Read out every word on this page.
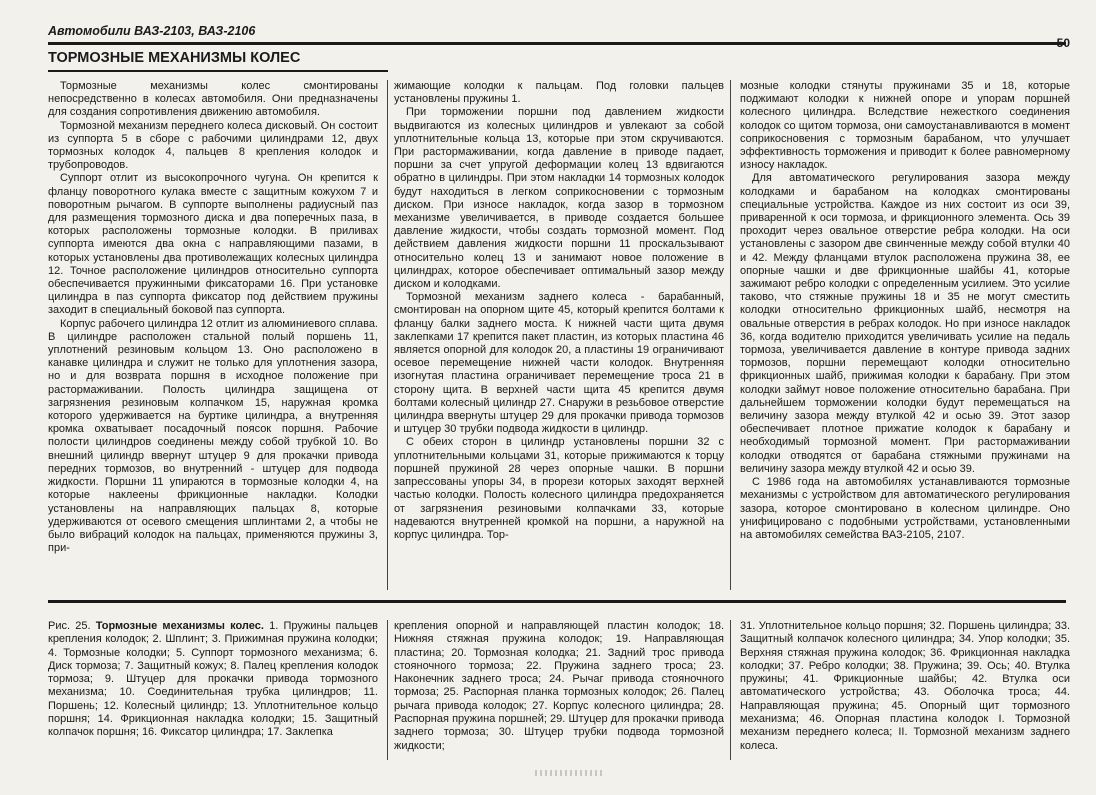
Автомобили ВАЗ-2103, ВАЗ-2106
50
ТОРМОЗНЫЕ МЕХАНИЗМЫ КОЛЕС

Тормозные механизмы колес смонтированы непосредственно в колесах автомобиля. Они предназначены для создания сопротивления движению автомобиля.

Тормозной механизм переднего колеса дисковый. Он состоит из суппорта 5 в сборе с рабочими цилиндрами 12, двух тормозных колодок 4, пальцев 8 крепления колодок и трубопроводов.

Суппорт отлит из высокопрочного чугуна. Он крепится к фланцу поворотного кулака вместе с защитным кожухом 7 и поворотным рычагом. В суппорте выполнены радиусный паз для размещения тормозного диска и два поперечных паза, в которых расположены тормозные колодки. В приливах суппорта имеются два окна с направляющими пазами, в которых установлены два противолежащих колесных цилиндра 12. Точное расположение цилиндров относительно суппорта обеспечивается пружинными фиксаторами 16. При установке цилиндра в паз суппорта фиксатор под действием пружины заходит в специальный боковой паз суппорта.

Корпус рабочего цилиндра 12 отлит из алюминиевого сплава. В цилиндре расположен стальной полый поршень 11, уплотнений резиновым кольцом 13. Оно расположено в канавке цилиндра и служит не только для уплотнения зазора, но и для возврата поршня в исходное положение при растормаживании. Полость цилиндра защищена от загрязнения резиновым колпачком 15, наружная кромка которого удерживается на буртике цилиндра, а внутренняя кромка охватывает посадочный поясок поршня. Рабочие полости цилиндров соединены между собой трубкой 10. Во внешний цилиндр ввернут штуцер 9 для прокачки привода передних тормозов, во внутренний - штуцер для подвода жидкости. Поршни 11 упираются в тормозные колодки 4, на которые наклеены фрикционные накладки. Колодки установлены на направляющих пальцах 8, которые удерживаются от осевого смещения шплинтами 2, а чтобы не было вибраций колодок на пальцах, применяются пружины 3, при-

жимающие колодки к пальцам. Под головки пальцев установлены пружины 1.

При торможении поршни под давлением жидкости выдвигаются из колесных цилиндров и увлекают за собой уплотнительные кольца 13, которые при этом скручиваются. При растормаживании, когда давление в приводе падает, поршни за счет упругой деформации колец 13 вдвигаются обратно в цилиндры. При этом накладки 14 тормозных колодок будут находиться в легком соприкосновении с тормозным диском. При износе накладок, когда зазор в тормозном механизме увеличивается, в приводе создается большее давление жидкости, чтобы создать тормозной момент. Под действием давления жидкости поршни 11 проскальзывают относительно колец 13 и занимают новое положение в цилиндрах, которое обеспечивает оптимальный зазор между диском и колодками.

Тормозной механизм заднего колеса - барабанный, смонтирован на опорном щите 45, который крепится болтами к фланцу балки заднего моста. К нижней части щита двумя заклепками 17 крепится пакет пластин, из которых пластина 46 является опорной для колодок 20, а пластины 19 ограничивают осевое перемещение нижней части колодок. Внутренняя изогнутая пластина ограничивает перемещение троса 21 в сторону щита. В верхней части щита 45 крепится двумя болтами колесный цилиндр 27. Снаружи в резьбовое отверстие цилиндра ввернуты штуцер 29 для прокачки привода тормозов и штуцер 30 трубки подвода жидкости в цилиндр.

С обеих сторон в цилиндр установлены поршни 32 с уплотнительными кольцами 31, которые прижимаются к торцу поршней пружиной 28 через опорные чашки. В поршни запрессованы упоры 34, в прорези которых заходят верхней частью колодки. Полость колесного цилиндра предохраняется от загрязнения резиновыми колпачками 33, которые надеваются внутренней кромкой на поршни, а наружной на корпус цилиндра. Тор-

мозные колодки стянуты пружинами 35 и 18, которые поджимают колодки к нижней опоре и упорам поршней колесного цилиндра. Вследствие нежесткого соединения колодок со щитом тормоза, они самоустанавливаются в момент соприкосновения с тормозным барабаном, что улучшает эффективность торможения и приводит к более равномерному износу накладок.

Для автоматического регулирования зазора между колодками и барабаном на колодках смонтированы специальные устройства. Каждое из них состоит из оси 39, приваренной к оси тормоза, и фрикционного элемента. Ось 39 проходит через овальное отверстие ребра колодки. На оси установлены с зазором две свинченные между собой втулки 40 и 42. Между фланцами втулок расположена пружина 38, ее опорные чашки и две фрикционные шайбы 41, которые зажимают ребро колодки с определенным усилием. Это усилие таково, что стяжные пружины 18 и 35 не могут сместить колодки относительно фрикционных шайб, несмотря на овальные отверстия в ребрах колодок. Но при износе накладок 36, когда водителю приходится увеличивать усилие на педаль тормоза, увеличивается давление в контуре привода задних тормозов, поршни перемещают колодки относительно фрикционных шайб, прижимая колодки к барабану. При этом колодки займут новое положение относительно барабана. При дальнейшем торможении колодки будут перемещаться на величину зазора между втулкой 42 и осью 39. Этот зазор обеспечивает плотное прижатие колодок к барабану и необходимый тормозной момент. При растормаживании колодки отводятся от барабана стяжными пружинами на величину зазора между втулкой 42 и осью 39.

С 1986 года на автомобилях устанавливаются тормозные механизмы с устройством для автоматического регулирования зазора, которое смонтировано в колесном цилиндре. Оно унифицировано с подобными устройствами, установленными на автомобилях семейства ВАЗ-2105, 2107.

Рис. 25. Тормозные механизмы колес. 1. Пружины пальцев крепления колодок; 2. Шплинт; 3. Прижимная пружина колодки; 4. Тормозные колодки; 5. Суппорт тормозного механизма; 6. Диск тормоза; 7. Защитный кожух; 8. Палец крепления колодок тормоза; 9. Штуцер для прокачки привода тормозного механизма; 10. Соединительная трубка цилиндров; 11. Поршень; 12. Колесный цилиндр; 13. Уплотнительное кольцо поршня; 14. Фрикционная накладка колодки; 15. Защитный колпачок поршня; 16. Фиксатор цилиндра; 17. Заклепка
крепления опорной и направляющей пластин колодок; 18. Нижняя стяжная пружина колодок; 19. Направляющая пластина; 20. Тормозная колодка; 21. Задний трос привода стояночного тормоза; 22. Пружина заднего троса; 23. Наконечник заднего троса; 24. Рычаг привода стояночного тормоза; 25. Распорная планка тормозных колодок; 26. Палец рычага привода колодок; 27. Корпус колесного цилиндра; 28. Распорная пружина поршней; 29. Штуцер для прокачки привода заднего тормоза; 30. Штуцер трубки подвода тормозной жидкости;
31. Уплотнительное кольцо поршня; 32. Поршень цилиндра; 33. Защитный колпачок колесного цилиндра; 34. Упор колодки; 35. Верхняя стяжная пружина колодок; 36. Фрикционная накладка колодки; 37. Ребро колодки; 38. Пружина; 39. Ось; 40. Втулка пружины; 41. Фрикционные шайбы; 42. Втулка оси автоматического устройства; 43. Оболочка троса; 44. Направляющая пружина; 45. Опорный щит тормозного механизма; 46. Опорная пластина колодок I. Тормозной механизм переднего колеса; II. Тормозной механизм заднего колеса.
